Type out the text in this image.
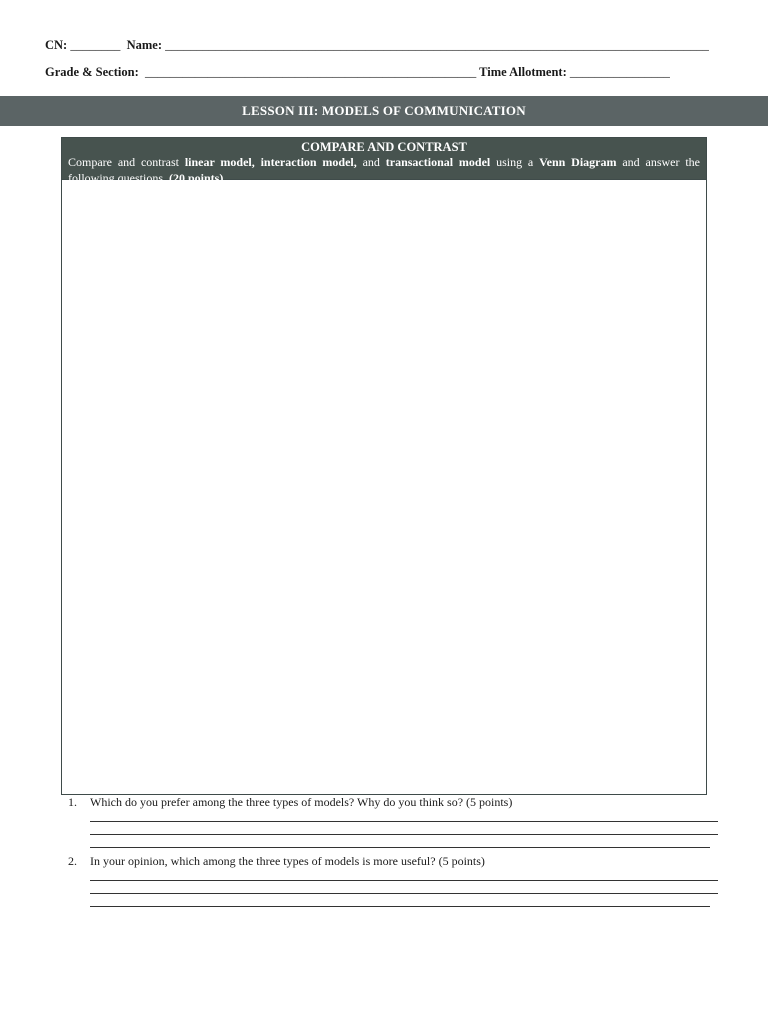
CN: ________ Name: _______________________________________________________________________________________
Grade & Section: _____________________________________________________ Time Allotment: ________________
LESSON III: MODELS OF COMMUNICATION
COMPARE AND CONTRAST
Compare and contrast linear model, interaction model, and transactional model using a Venn Diagram and answer the following questions. (20 points)
1. Which do you prefer among the three types of models? Why do you think so? (5 points)
2. In your opinion, which among the three types of models is more useful? (5 points)
